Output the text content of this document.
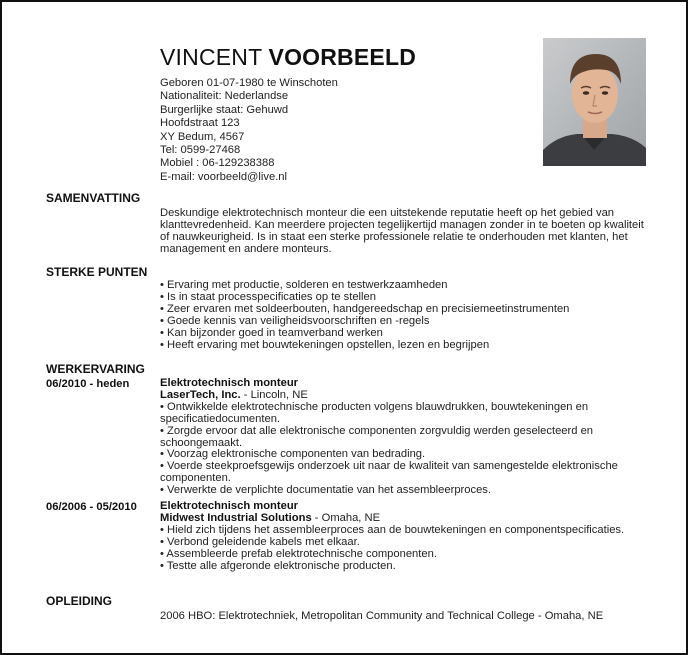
VINCENT VOORBEELD
Geboren 01-07-1980 te Winschoten
Nationaliteit: Nederlandse
Burgerlijke staat: Gehuwd
Hoofdstraat 123
XY Bedum, 4567
Tel: 0599-27468
Mobiel : 06-129238388
E-mail: voorbeeld@live.nl
SAMENVATTING
Deskundige elektrotechnisch monteur die een uitstekende reputatie heeft op het gebied van klanttevredenheid. Kan meerdere projecten tegelijkertijd managen zonder in te boeten op kwaliteit of nauwkeurigheid. Is in staat een sterke professionele relatie te onderhouden met klanten, het management en andere monteurs.
STERKE PUNTEN
• Ervaring met productie, solderen en testwerkzaamheden
• Is in staat processpecificaties op te stellen
• Zeer ervaren met soldeerbouten, handgereedschap en precisiemeetinstrumenten
• Goede kennis van veiligheidsvoorschriften en -regels
• Kan bijzonder goed in teamverband werken
• Heeft ervaring met bouwtekeningen opstellen, lezen en begrijpen
WERKERVARING
06/2010 - heden	Elektrotechnisch monteur
LaserTech, Inc. - Lincoln, NE
• Ontwikkelde elektrotechnische producten volgens blauwdrukken, bouwtekeningen en specificatiedocumenten.
• Zorgde ervoor dat alle elektronische componenten zorgvuldig werden geselecteerd en schoongemaakt.
• Voorzag elektronische componenten van bedrading.
• Voerde steekproefsgewijs onderzoek uit naar de kwaliteit van samengestelde elektronische componenten.
• Verwerkte de verplichte documentatie van het assembleerproces.
06/2006 - 05/2010 Elektrotechnisch monteur
Midwest Industrial Solutions - Omaha, NE
• Hield zich tijdens het assembleerproces aan de bouwtekeningen en componentspecificaties.
• Verbond geleidende kabels met elkaar.
• Assembleerde prefab elektrotechnische componenten.
• Testte alle afgeronde elektronische producten.
OPLEIDING
2006 HBO: Elektrotechniek, Metropolitan Community and Technical College - Omaha, NE
